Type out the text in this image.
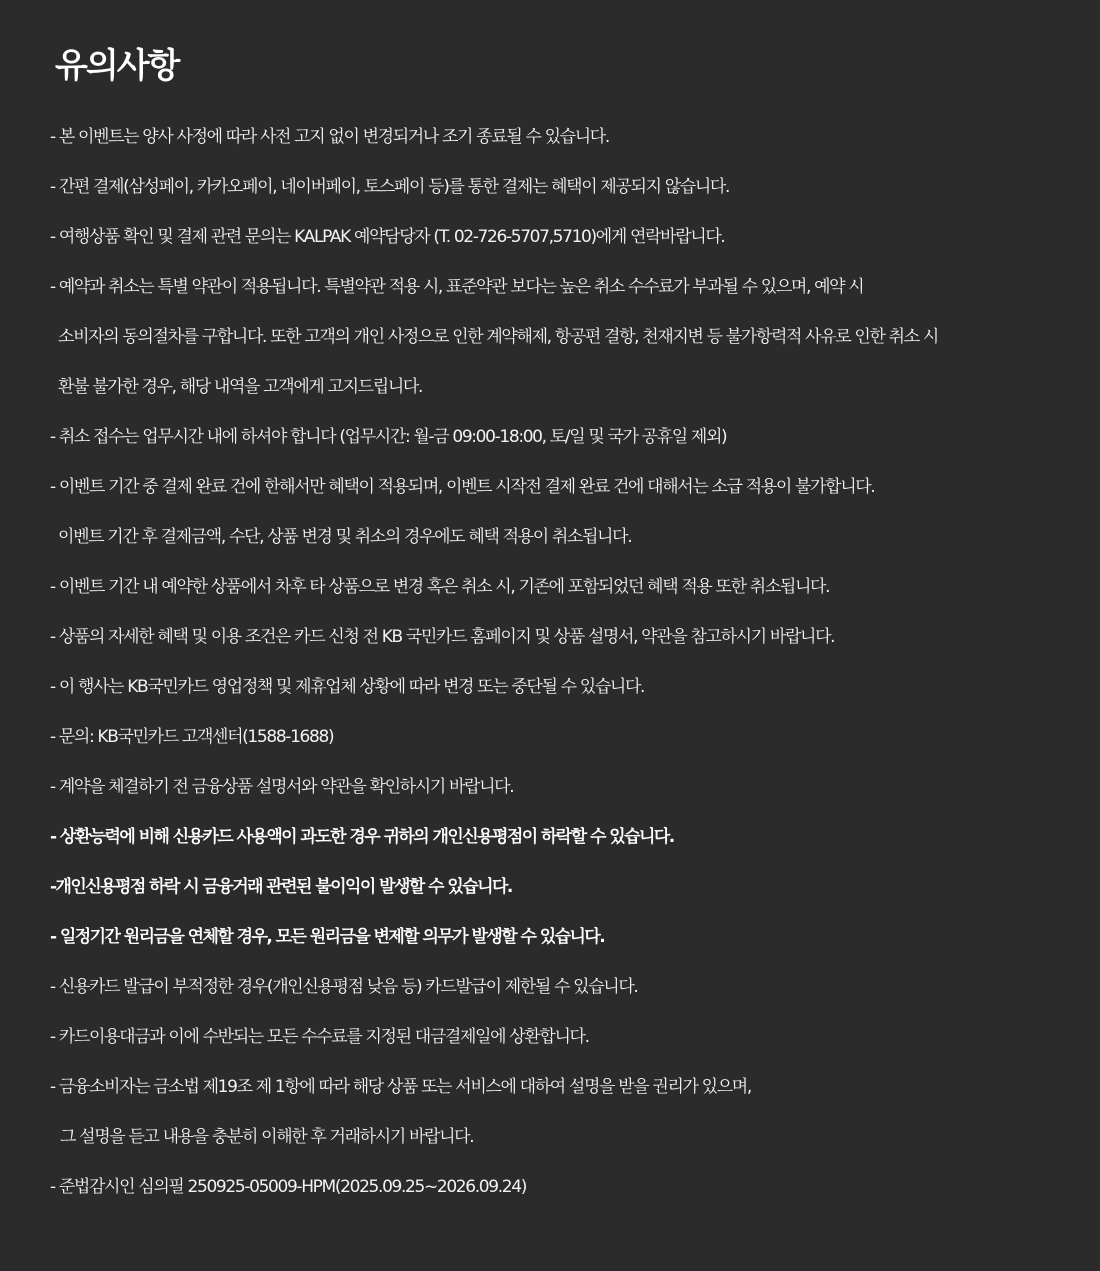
유의사항
- 본 이벤트는 양사 사정에 따라 사전 고지 없이 변경되거나 조기 종료될 수 있습니다.
- 간편 결제(삼성페이, 카카오페이, 네이버페이, 토스페이 등)를 통한 결제는 혜택이 제공되지 않습니다.
- 여행상품 확인 및 결제 관련 문의는 KALPAK 예약담당자 (T. 02-726-5707,5710)에게 연락바랍니다.
- 예약과 취소는 특별 약관이 적용됩니다. 특별약관 적용 시, 표준약관 보다는 높은 취소 수수료가 부과될 수 있으며, 예약 시
소비자의 동의절차를 구합니다. 또한 고객의 개인 사정으로 인한 계약해제, 항공편 결항, 천재지변 등 불가항력적 사유로 인한 취소 시
환불 불가한 경우, 해당 내역을 고객에게 고지드립니다.
- 취소 접수는 업무시간 내에 하셔야 합니다 (업무시간: 월-금 09:00-18:00, 토/일 및 국가 공휴일 제외)
- 이벤트 기간 중 결제 완료 건에 한해서만 혜택이 적용되며, 이벤트 시작전 결제 완료 건에 대해서는 소급 적용이 불가합니다.
이벤트 기간 후 결제금액, 수단, 상품 변경 및 취소의 경우에도 혜택 적용이 취소됩니다.
- 이벤트 기간 내 예약한 상품에서 차후 타 상품으로 변경 혹은 취소 시, 기존에 포함되었던 혜택 적용 또한 취소됩니다.
- 상품의 자세한 혜택 및 이용 조건은 카드 신청 전 KB 국민카드 홈페이지 및 상품 설명서, 약관을 참고하시기 바랍니다.
- 이 행사는 KB국민카드 영업정책 및 제휴업체 상황에 따라 변경 또는 중단될 수 있습니다.
- 문의: KB국민카드 고객센터(1588-1688)
- 계약을 체결하기 전 금융상품 설명서와 약관을 확인하시기 바랍니다.
- 상환능력에 비해 신용카드 사용액이 과도한 경우 귀하의 개인신용평점이 하락할 수 있습니다.
-개인신용평점 하락 시 금융거래 관련된 불이익이 발생할 수 있습니다.
- 일정기간 원리금을 연체할 경우, 모든 원리금을 변제할 의무가 발생할 수 있습니다.
- 신용카드 발급이 부적정한 경우(개인신용평점 낮음 등) 카드발급이 제한될 수 있습니다.
- 카드이용대금과 이에 수반되는 모든 수수료를 지정된 대금결제일에 상환합니다.
- 금융소비자는 금소법 제19조 제 1항에 따라 해당 상품 또는 서비스에 대하여 설명을 받을 권리가 있으며,
그 설명을 듣고 내용을 충분히 이해한 후 거래하시기 바랍니다.
- 준법감시인 심의필 250925-05009-HPM(2025.09.25~2026.09.24)
